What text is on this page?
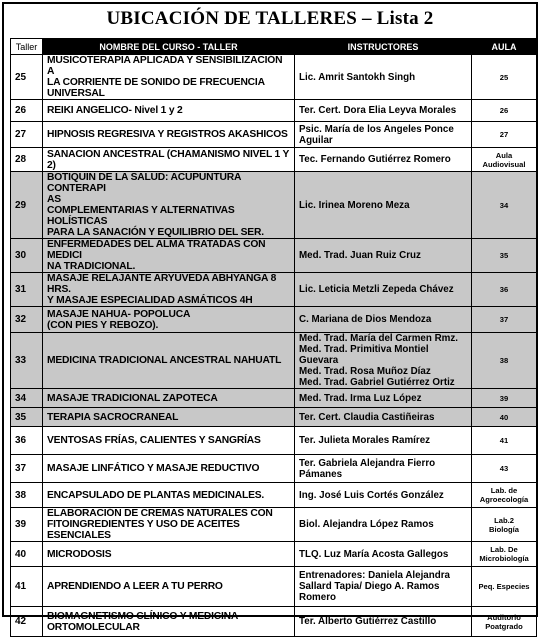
UBICACIÓN DE TALLERES – Lista 2
Taller	NOMBRE DEL CURSO - TALLER	INSTRUCTORES	AULA
25	MUSICOTERAPIA APLICADA Y SENSIBILIZACIÓN A
LA CORRIENTE DE SONIDO DE FRECUENCIA
UNIVERSAL	Lic. Amrit Santokh Singh	25

26	REIKI ANGELICO- Nivel 1 y 2	Ter. Cert. Dora Elia Leyva Morales	26

27	HIPNOSIS REGRESIVA Y REGISTROS AKASHICOS	Psic. María de los Angeles Ponce
Aguilar	27

28	SANACION ANCESTRAL (CHAMANISMO NIVEL 1 Y 2)	Tec. Fernando Gutiérrez Romero	Aula
Audiovisual

29	BOTIQUIN DE LA SALUD: ACUPUNTURA CONTERAPI
AS
COMPLEMENTARIAS Y ALTERNATIVAS HOLÍSTICAS
PARA LA SANACIÓN Y EQUILIBRIO DEL SER.	Lic. Irinea Moreno Meza	34

30	ENFERMEDADES DEL ALMA TRATADAS CON MEDICI
NA TRADICIONAL.	Med. Trad. Juan Ruiz Cruz	35

31	MASAJE RELAJANTE ARYUVEDA ABHYANGA 8 HRS.
Y MASAJE ESPECIALIDAD ASMÁTICOS 4H	Lic. Leticia Metzli Zepeda Chávez	36

32	MASAJE NAHUA- POPOLUCA
(CON PIES Y REBOZO).	C. Mariana de Dios Mendoza	37

33	MEDICINA TRADICIONAL ANCESTRAL NAHUATL	Med. Trad. María del Carmen Rmz.
Med. Trad. Primitiva Montiel Guevara
Med. Trad. Rosa Muñoz Díaz
Med. Trad. Gabriel Gutiérrez Ortiz	38

34	MASAJE TRADICIONAL ZAPOTECA	Med. Trad. Irma Luz López	39

35	TERAPIA SACROCRANEAL	Ter. Cert. Claudia Castiñeiras	40

36	VENTOSAS FRÍAS, CALIENTES Y SANGRÍAS	Ter. Julieta Morales Ramírez	41

37	MASAJE LINFÁTICO Y MASAJE REDUCTIVO	Ter. Gabriela Alejandra Fierro
Pámanes	43

38	ENCAPSULADO DE PLANTAS MEDICINALES.	Ing. José Luis Cortés González	Lab. de
Agroecología

39	ELABORACIÓN DE CREMAS NATURALES CON
FITOINGREDIENTES Y USO DE ACEITES ESENCIALES	Biol. Alejandra López Ramos	Lab.2
Biología

40	MICRODOSIS	TLQ. Luz María Acosta Gallegos	Lab. De
Microbiología

41	APRENDIENDO A LEER A TU PERRO	Entrenadores: Daniela Alejandra
Sallard Tapia/ Diego A. Ramos
Romero	Peq. Especies

42	BIOMAGNETISMO CLÍNICO Y MEDICINA
ORTOMOLECULAR	Ter. Alberto Gutiérrez Castillo	Auditorio
Poatgrado
